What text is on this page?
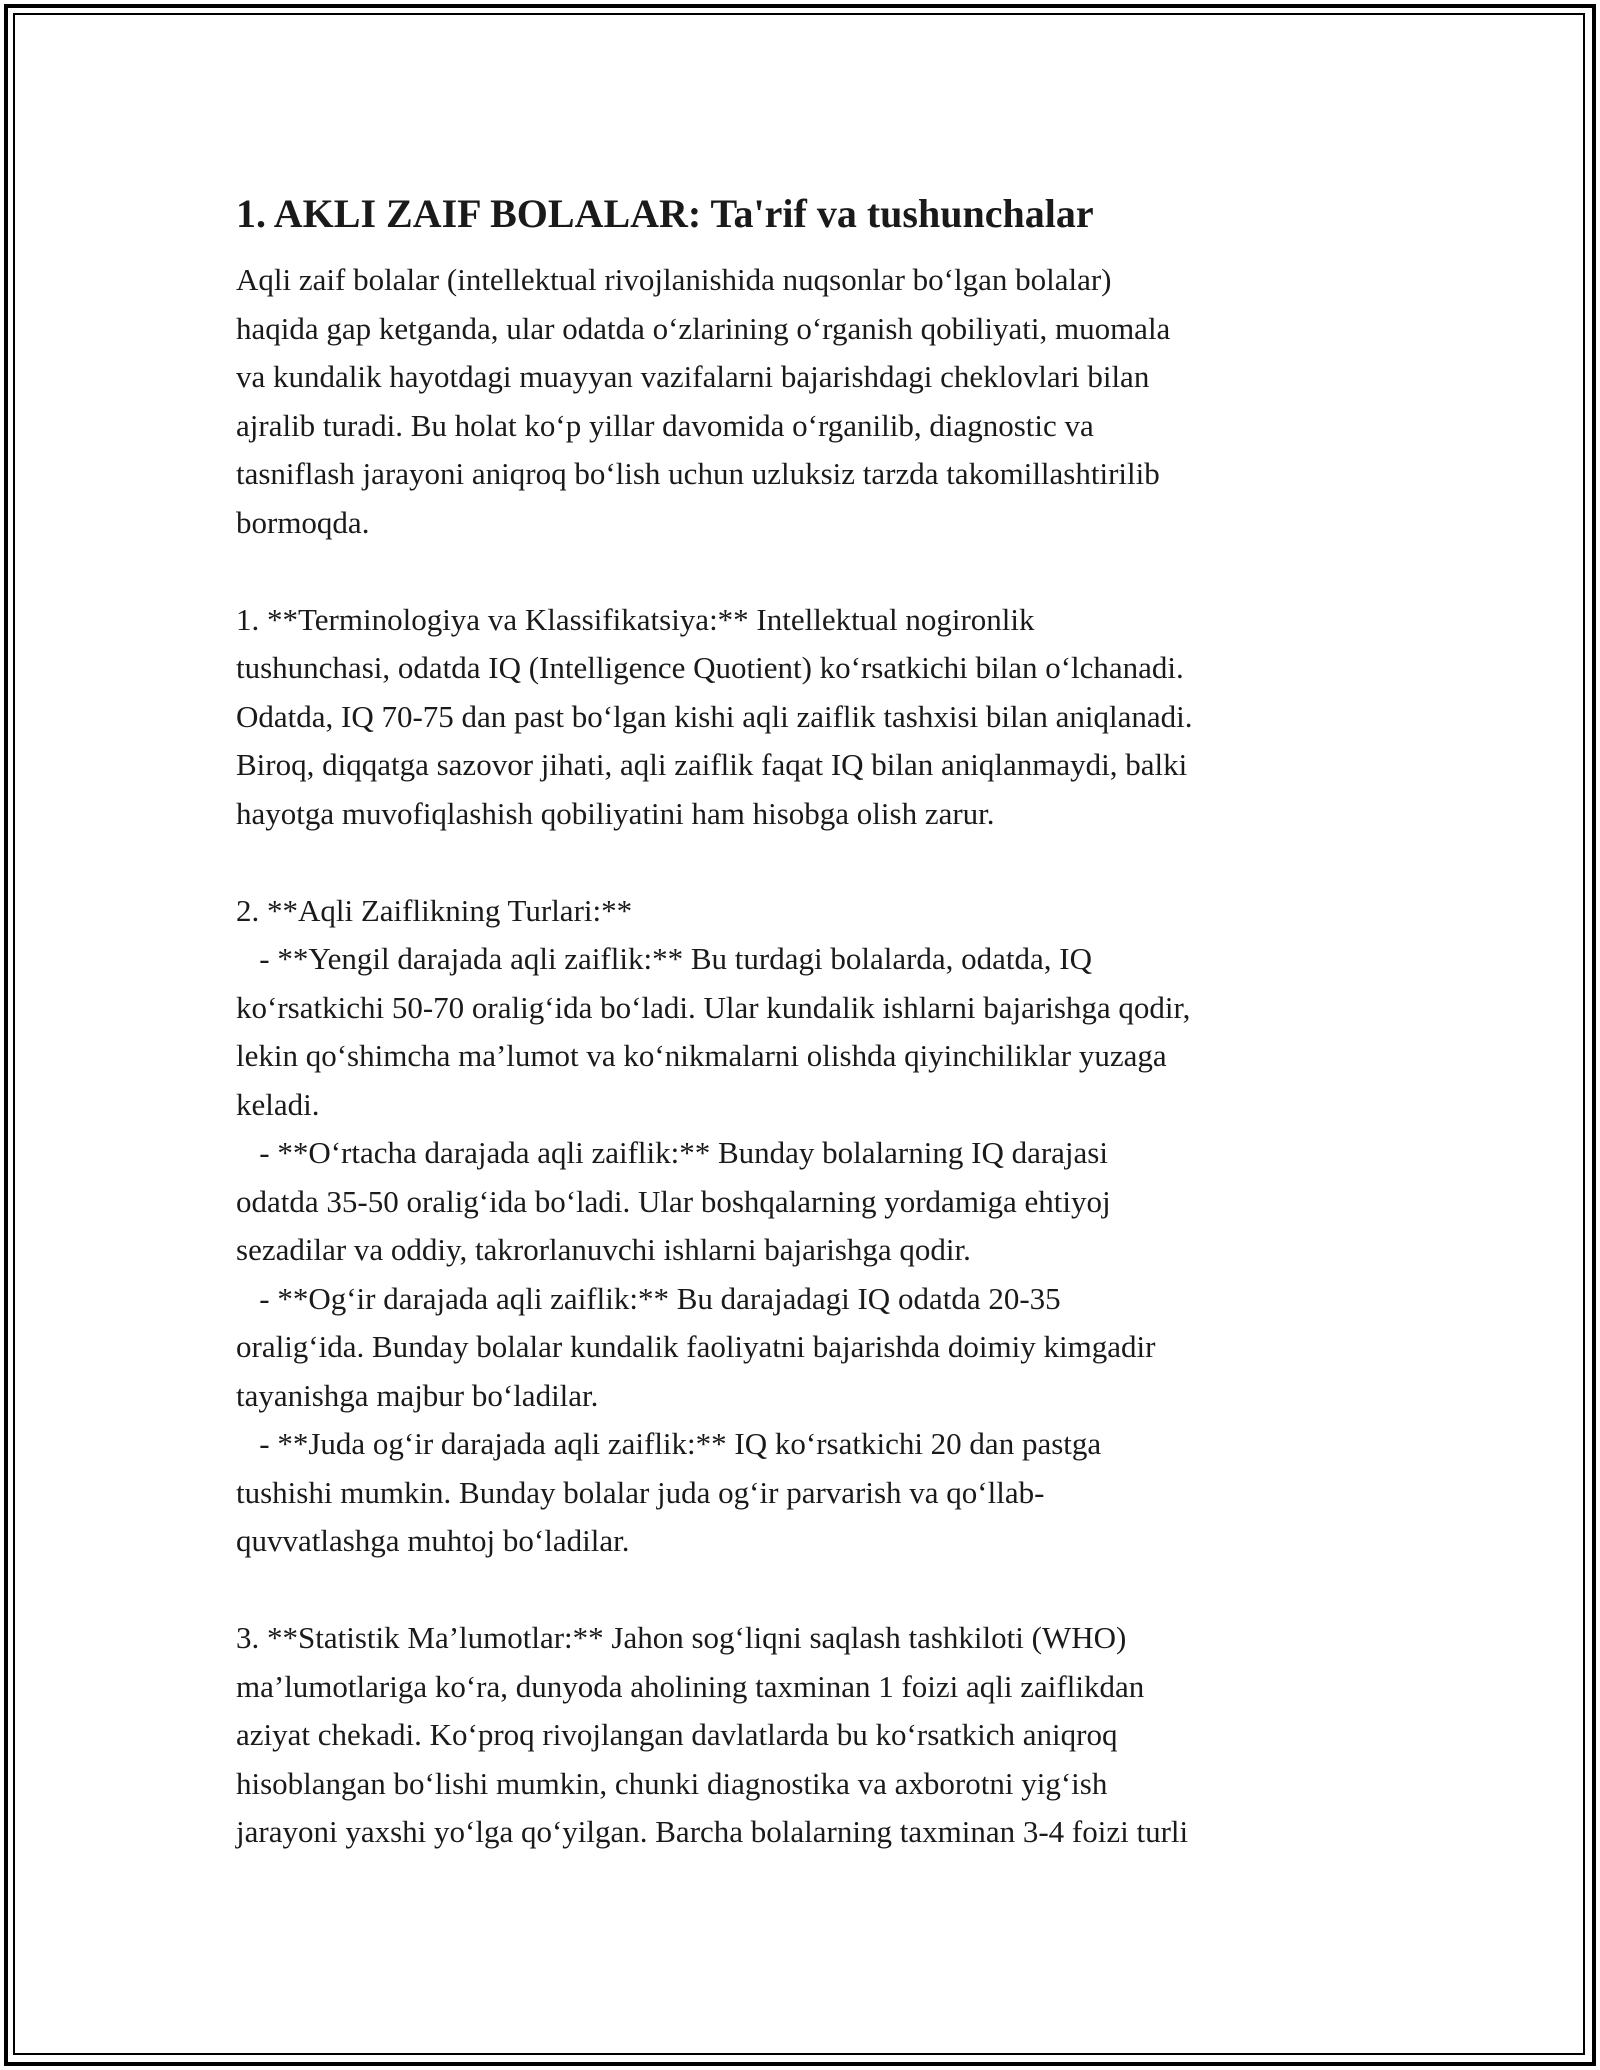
1. AKLI ZAIF BOLALAR: Ta'rif va tushunchalar

Aqli zaif bolalar (intellektual rivojlanishida nuqsonlar bo‘lgan bolalar)
haqida gap ketganda, ular odatda o‘zlarining o‘rganish qobiliyati, muomala
va kundalik hayotdagi muayyan vazifalarni bajarishdagi cheklovlari bilan
ajralib turadi. Bu holat ko‘p yillar davomida o‘rganilib, diagnostic va
tasniflash jarayoni aniqroq bo‘lish uchun uzluksiz tarzda takomillashtirilib
bormoqda.

1. **Terminologiya va Klassifikatsiya:** Intellektual nogironlik
tushunchasi, odatda IQ (Intelligence Quotient) ko‘rsatkichi bilan o‘lchanadi.
Odatda, IQ 70-75 dan past bo‘lgan kishi aqli zaiflik tashxisi bilan aniqlanadi.
Biroq, diqqatga sazovor jihati, aqli zaiflik faqat IQ bilan aniqlanmaydi, balki
hayotga muvofiqlashish qobiliyatini ham hisobga olish zarur.

2. **Aqli Zaiflikning Turlari:**
- **Yengil darajada aqli zaiflik:** Bu turdagi bolalarda, odatda, IQ
ko‘rsatkichi 50-70 oralig‘ida bo‘ladi. Ular kundalik ishlarni bajarishga qodir,
lekin qo‘shimcha ma’lumot va ko‘nikmalarni olishda qiyinchiliklar yuzaga
keladi.
- **O‘rtacha darajada aqli zaiflik:** Bunday bolalarning IQ darajasi
odatda 35-50 oralig‘ida bo‘ladi. Ular boshqalarning yordamiga ehtiyoj
sezadilar va oddiy, takrorlanuvchi ishlarni bajarishga qodir.
- **Og‘ir darajada aqli zaiflik:** Bu darajadagi IQ odatda 20-35
oralig‘ida. Bunday bolalar kundalik faoliyatni bajarishda doimiy kimgadir
tayanishga majbur bo‘ladilar.
- **Juda og‘ir darajada aqli zaiflik:** IQ ko‘rsatkichi 20 dan pastga
tushishi mumkin. Bunday bolalar juda og‘ir parvarish va qo‘llab-
quvvatlashga muhtoj bo‘ladilar.

3. **Statistik Ma’lumotlar:** Jahon sog‘liqni saqlash tashkiloti (WHO)
ma’lumotlariga ko‘ra, dunyoda aholining taxminan 1 foizi aqli zaiflikdan
aziyat chekadi. Ko‘proq rivojlangan davlatlarda bu ko‘rsatkich aniqroq
hisoblangan bo‘lishi mumkin, chunki diagnostika va axborotni yig‘ish
jarayoni yaxshi yo‘lga qo‘yilgan. Barcha bolalarning taxminan 3-4 foizi turli
